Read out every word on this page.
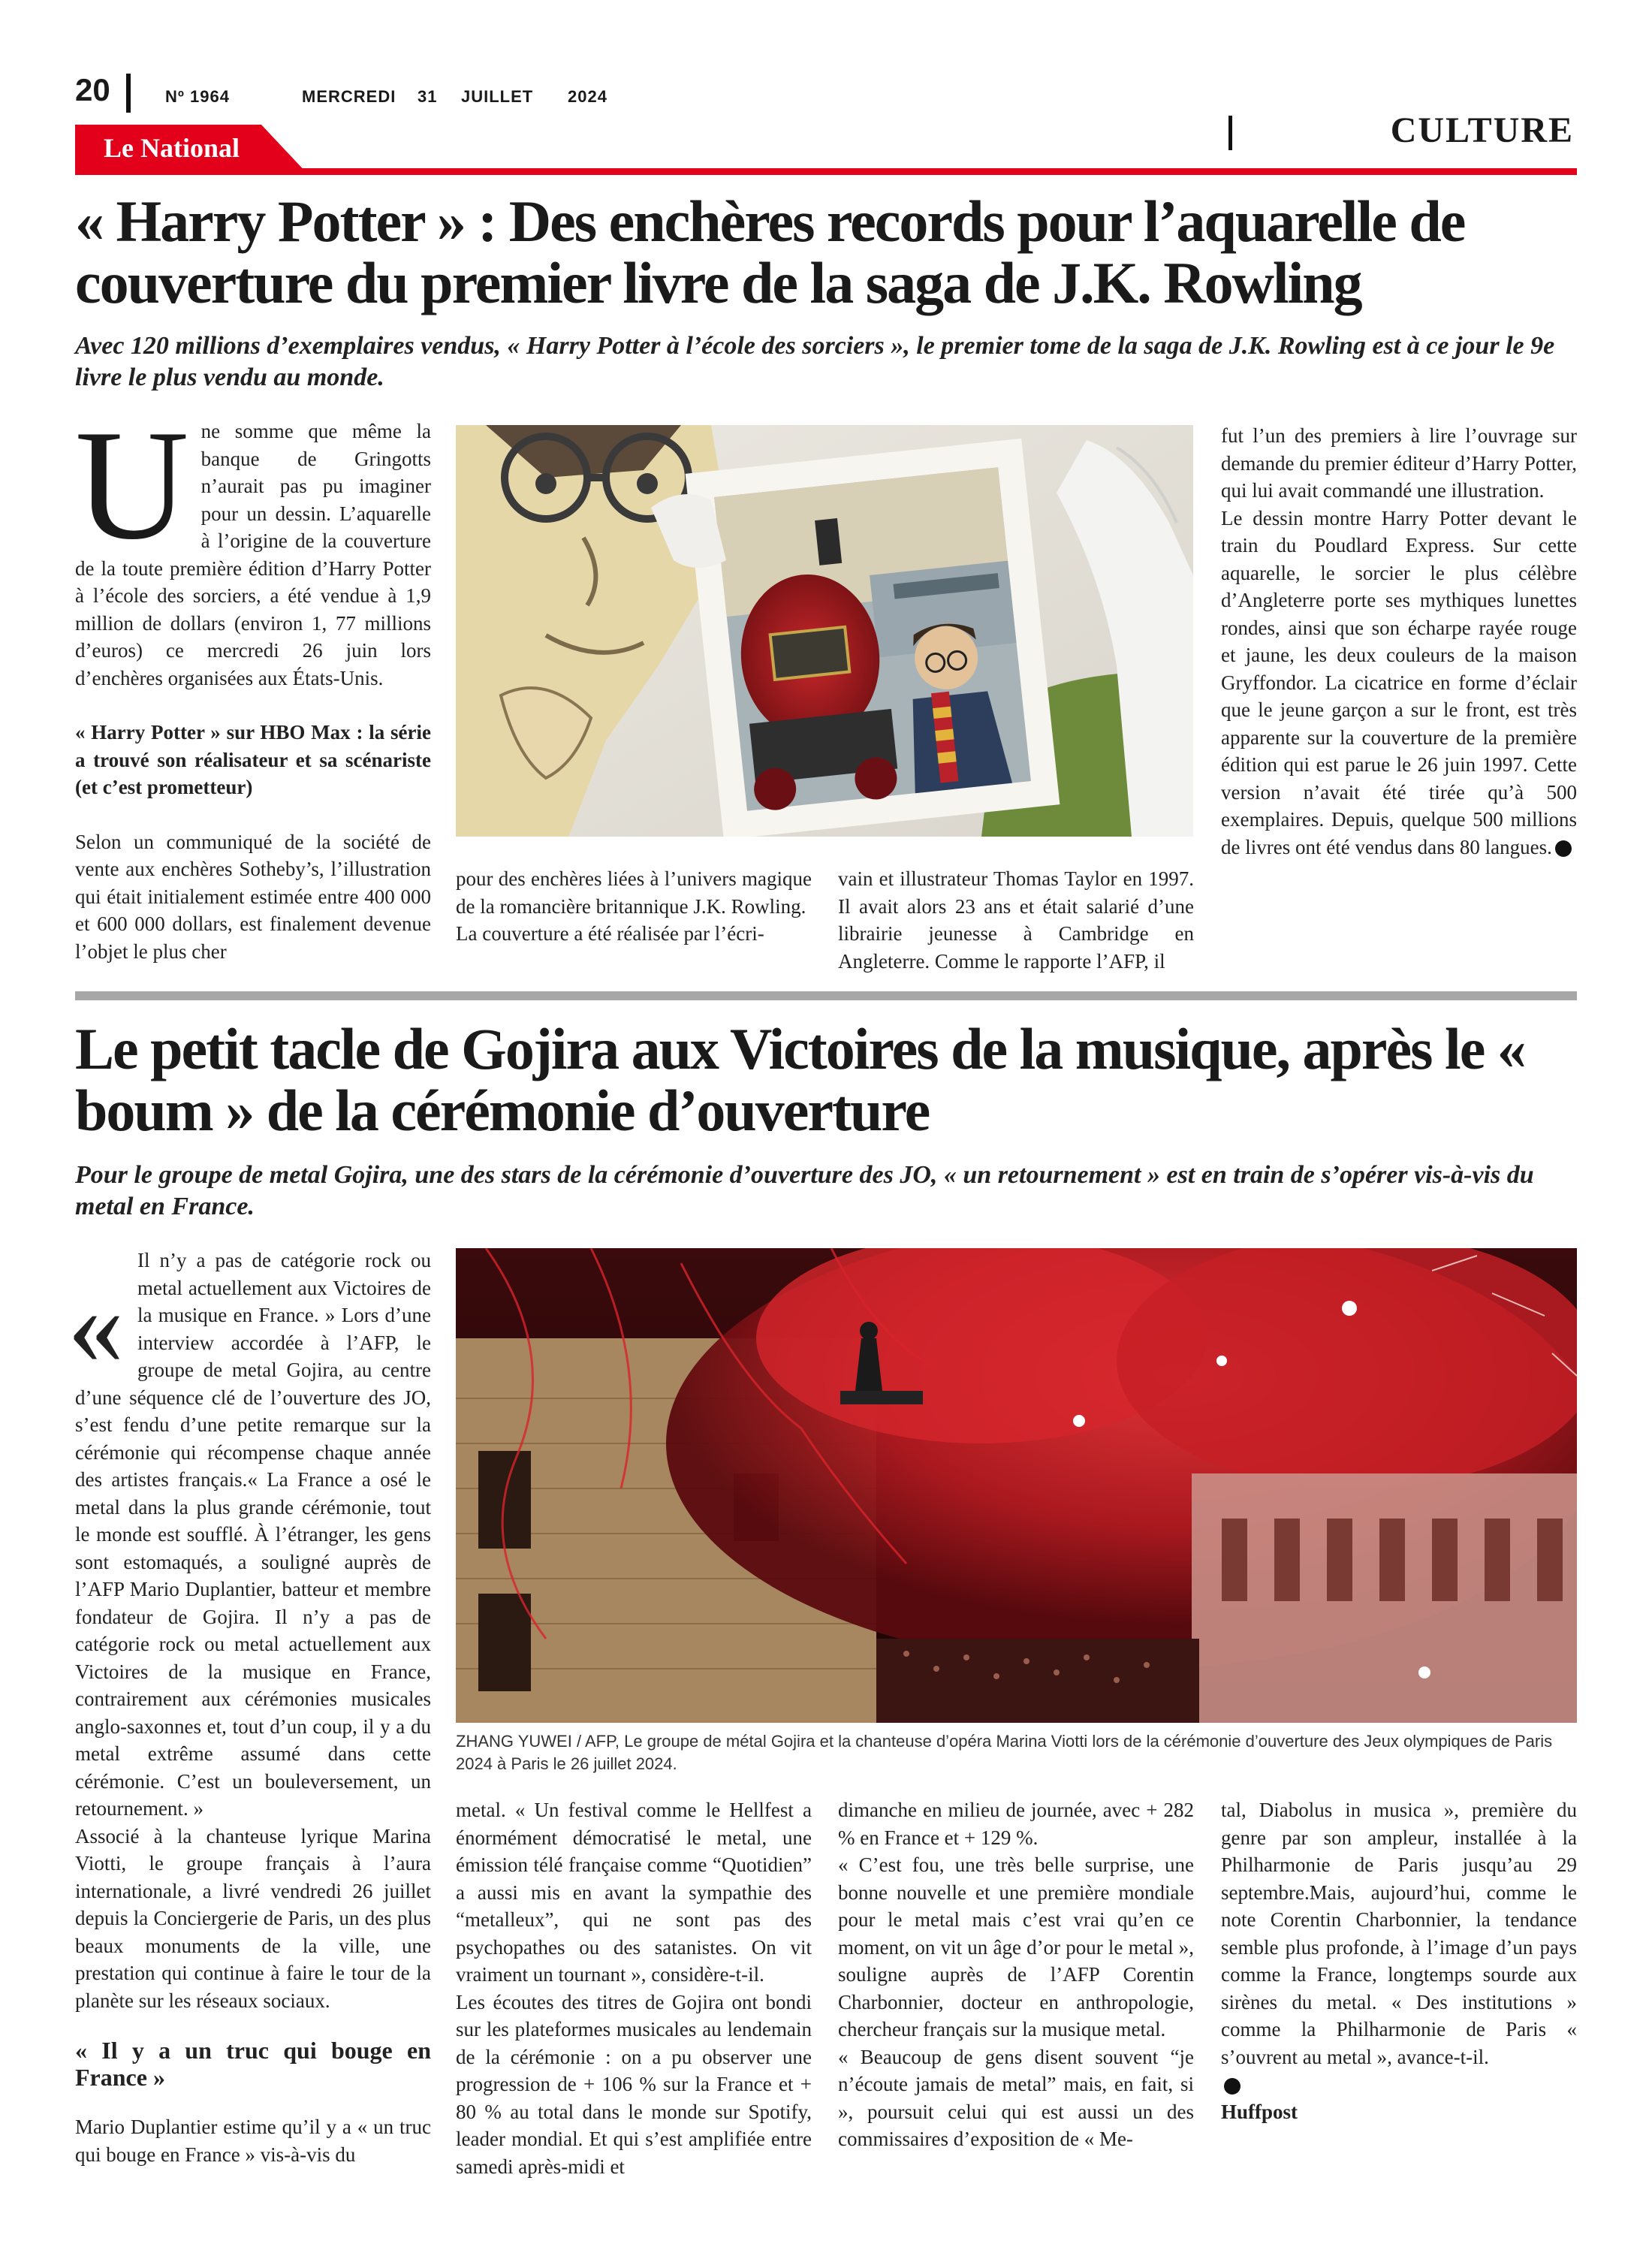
20	Nº 1964	MERCREDI 31 JUILLET 2024
CULTURE
Le National
« Harry Potter » : Des enchères records pour l’aquarelle de couverture du premier livre de la saga de J.K. Rowling
Avec 120 millions d’exemplaires vendus, « Harry Potter à l’école des sorciers », le premier tome de la saga de J.K. Rowling est à ce jour le 9e livre le plus vendu au monde.
U ne somme que même la banque de Gringotts n’aurait pas pu imaginer pour un dessin. L’aquarelle à l’origine de la couverture de la toute première édition d’Harry Potter à l’école des sorciers, a été vendue à 1,9 million de dollars (environ 1, 77 millions d’euros) ce mercredi 26 juin lors d’enchères organisées aux États-Unis.

« Harry Potter » sur HBO Max : la série a trouvé son réalisateur et sa scénariste (et c’est prometteur)

Selon un communiqué de la société de vente aux enchères Sotheby’s, l’illustration qui était initialement estimée entre 400 000 et 600 000 dollars, est finalement devenue l’objet le plus cher

pour des enchères liées à l’univers magique de la romancière britannique J.K. Rowling.

La couverture a été réalisée par l’écri-

vain et illustrateur Thomas Taylor en 1997. Il avait alors 23 ans et était salarié d’une librairie jeunesse à Cambridge en Angleterre. Comme le rapporte l’AFP, il

fut l’un des premiers à lire l’ouvrage sur demande du premier éditeur d’Harry Potter, qui lui avait commandé une illustration.

Le dessin montre Harry Potter devant le train du Poudlard Express. Sur cette aquarelle, le sorcier le plus célèbre d’Angleterre porte ses mythiques lunettes rondes, ainsi que son écharpe rayée rouge et jaune, les deux couleurs de la maison Gryffondor. La cicatrice en forme d’éclair que le jeune garçon a sur le front, est très apparente sur la couverture de la première édition qui est parue le 26 juin 1997. Cette version n’avait été tirée qu’à 500 exemplaires. Depuis, quelque 500 millions de livres ont été vendus dans 80 langues.

Le petit tacle de Gojira aux Victoires de la musique, après le « boum » de la cérémonie d’ouverture
Pour le groupe de metal Gojira, une des stars de la cérémonie d’ouverture des JO, « un retournement » est en train de s’opérer vis-à-vis du metal en France.
«

Il n’y a pas de catégorie rock ou metal actuellement aux Victoires de la musique en France. » Lors d’une interview accordée à l’AFP, le groupe de metal Gojira, au centre d’une séquence clé de l’ouverture des JO, s’est fendu d’une petite remarque sur la cérémonie qui récompense chaque année des artistes français.« La France a osé le metal dans la plus grande cérémonie, tout le monde est soufflé. À l’étranger, les gens sont estomaqués, a souligné auprès de l’AFP Mario Duplantier, batteur et membre fondateur de Gojira. Il n’y a pas de catégorie rock ou metal actuellement aux Victoires de la musique en France, contrairement aux cérémonies musicales anglo-saxonnes et, tout d’un coup, il y a du metal extrême assumé dans cette cérémonie. C’est un bouleversement, un retournement. »

Associé à la chanteuse lyrique Marina Viotti, le groupe français à l’aura internationale, a livré vendredi 26 juillet depuis la Conciergerie de Paris, un des plus beaux monuments de la ville, une prestation qui continue à faire le tour de la planète sur les réseaux sociaux.

« Il y a un truc qui bouge en France »

Mario Duplantier estime qu’il y a « un truc qui bouge en France » vis-à-vis du

ZHANG YUWEI / AFP, Le groupe de métal Gojira et la chanteuse d’opéra Marina Viotti lors de la cérémonie d’ouverture des Jeux olympiques de Paris 2024 à Paris le 26 juillet 2024.

metal. « Un festival comme le Hellfest a énormément démocratisé le metal, une émission télé française comme “Quotidien” a aussi mis en avant la sympathie des “metalleux”, qui ne sont pas des psychopathes ou des satanistes. On vit vraiment un tournant », considère-t-il.

Les écoutes des titres de Gojira ont bondi sur les plateformes musicales au lendemain de la cérémonie : on a pu observer une progression de + 106 % sur la France et + 80 % au total dans le monde sur Spotify, leader mondial. Et qui s’est amplifiée entre samedi après-midi et

dimanche en milieu de journée, avec + 282 % en France et + 129 %.

« C’est fou, une très belle surprise, une bonne nouvelle et une première mondiale pour le metal mais c’est vrai qu’en ce moment, on vit un âge d’or pour le metal », souligne auprès de l’AFP Corentin Charbonnier, docteur en anthropologie, chercheur français sur la musique metal.

« Beaucoup de gens disent souvent “je n’écoute jamais de metal” mais, en fait, si », poursuit celui qui est aussi un des commissaires d’exposition de « Me-

tal, Diabolus in musica », première du genre par son ampleur, installée à la Philharmonie de Paris jusqu’au 29 septembre.Mais, aujourd’hui, comme le note Corentin Charbonnier, la tendance semble plus profonde, à l’image d’un pays comme la France, longtemps sourde aux sirènes du metal. « Des institutions » comme la Philharmonie de Paris « s’ouvrent au metal », avance-t-il.

Huffpost
